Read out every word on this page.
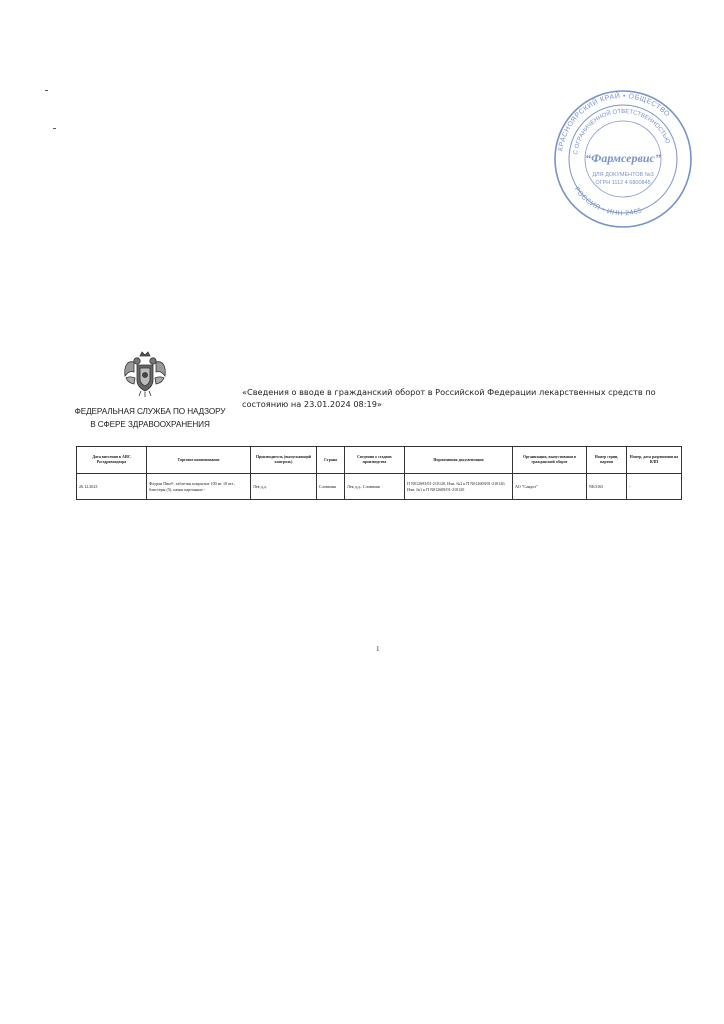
КРАСНОЯРСКИЙ КРАЙ • ОБЩЕСТВО
С ОГРАНИЧЕННОЙ ОТВЕТСТВЕННОСТЬЮ
“Фармсервис”
ДЛЯ ДОКУМЕНТОВ №3
ОГРН 1112 4 6800845
РОССИЯ • ИНН 2465
ФЕДЕРАЛЬНАЯ СЛУЖБА ПО НАДЗОРУ
В СФЕРЕ ЗДРАВООХРАНЕНИЯ
«Сведения о вводе в гражданский оборот в Российской Федерации лекарственных средств по состоянию на 23.01.2024 08:19»
Дата внесения в АИС Росздравнадзора	Торговое наименование	Производитель (выпускающий контроль)	Страна	Сведения о стадиях производства	Нормативная документация	Организация, выпустившая в гражданский оборот	Номер серии, партии	Номер, дата разрешения на ВЛП
26.12.2023	Флуран Пин®, таблетки покрытые 100 мг 10 шт., блистеры (5), пачки картонные -	Лек д.д.	Словения	Лек д.д., Словения	П N012693/01-210120, Изм. №2 к П N012609/01-210120, Изм. №1 к П N012609/01-210120	АО "Сандоз"	NK3165	-
1
